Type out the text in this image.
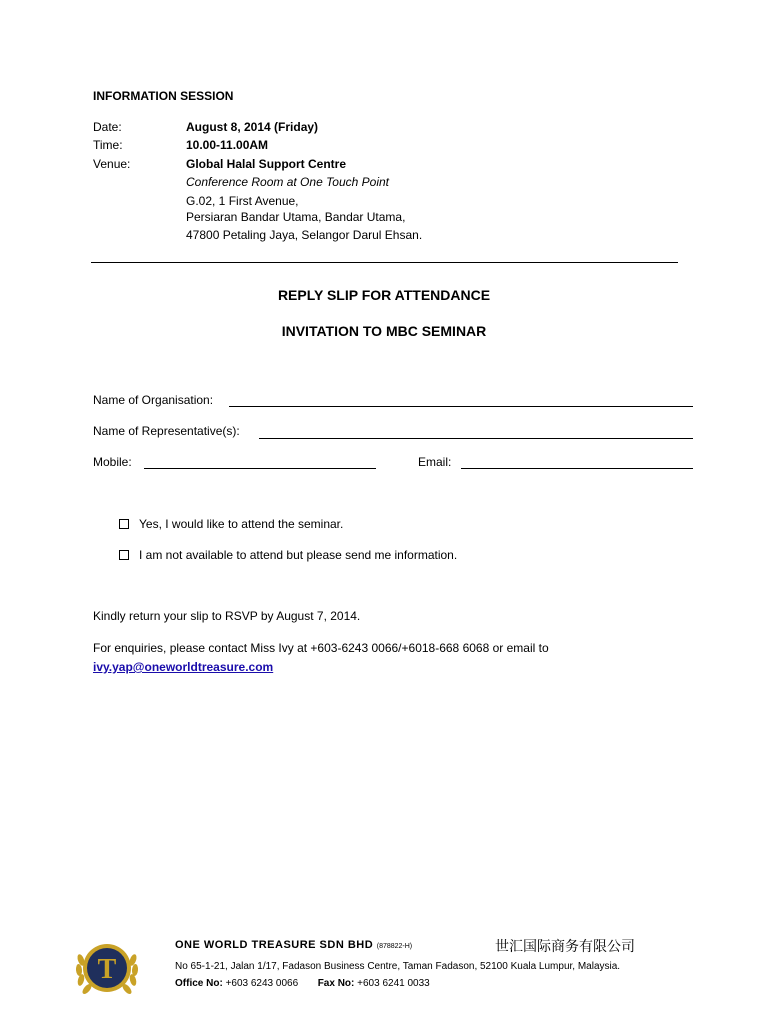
INFORMATION SESSION
Date:	August 8, 2014 (Friday)
Time:	10.00-11.00AM
Venue:	Global Halal Support Centre
Conference Room at One Touch Point
G.02, 1 First Avenue,
Persiaran Bandar Utama, Bandar Utama,
47800 Petaling Jaya, Selangor Darul Ehsan.
REPLY SLIP FOR ATTENDANCE
INVITATION TO MBC SEMINAR
Name of Organisation:
Name of Representative(s):
Mobile:	Email:
Yes, I would like to attend the seminar.
I am not available to attend but please send me information.
Kindly return your slip to RSVP by August 7, 2014.
For enquiries, please contact Miss Ivy at +603-6243 0066/+6018-668 6068 or email to
ivy.yap@oneworldtreasure.com
T
ONE WORLD TREASURE SDN BHD (878822-H)	世汇国际商务有限公司
No 65-1-21, Jalan 1/17, Fadason Business Centre, Taman Fadason, 52100 Kuala Lumpur, Malaysia.
Office No: +603 6243 0066 Fax No: +603 6241 0033
